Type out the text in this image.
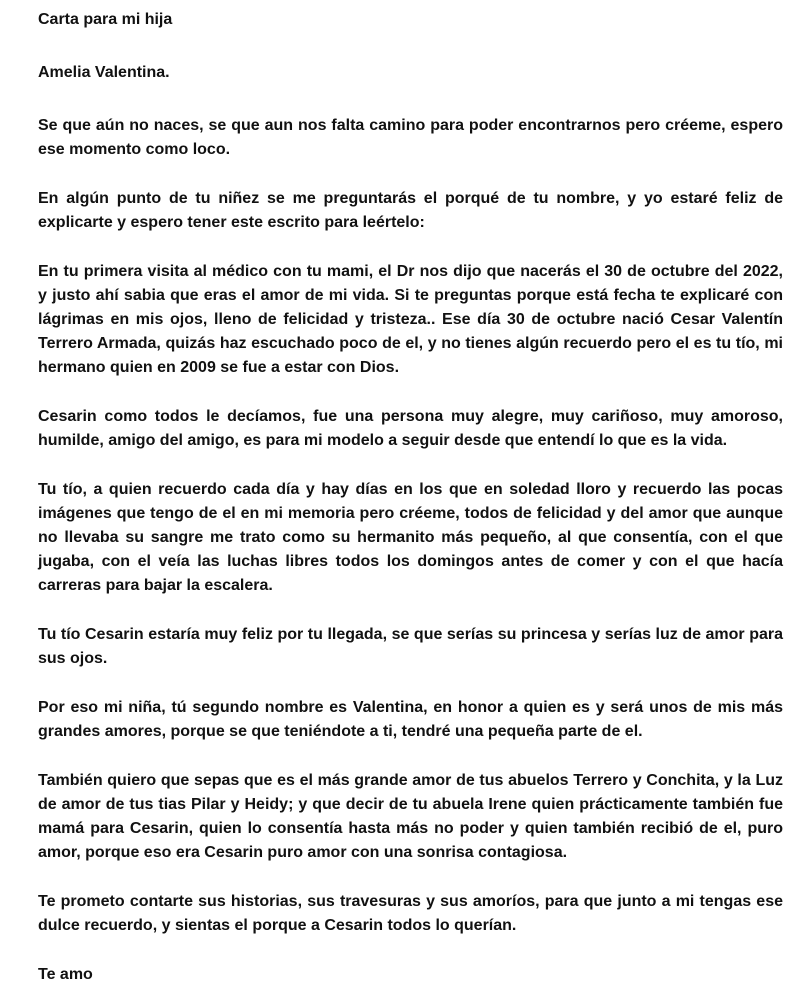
Carta para mi hija

Amelia Valentina.

Se que aún no naces, se que aun nos falta camino para poder encontrarnos pero créeme, espero ese momento como loco.

En algún punto de tu niñez se me preguntarás el porqué de tu nombre, y yo estaré feliz de explicarte y espero tener este escrito para leértelo:

En tu primera visita al médico con tu mami, el Dr nos dijo que nacerás el 30 de octubre del 2022, y justo ahí sabia que eras el amor de mi vida. Si te preguntas porque está fecha te explicaré con lágrimas en mis ojos, lleno de felicidad y tristeza.. Ese día 30 de octubre nació Cesar Valentín Terrero Armada, quizás haz escuchado poco de el, y no tienes algún recuerdo pero el es tu tío, mi hermano quien en 2009 se fue a estar con Dios.

Cesarin como todos le decíamos, fue una persona muy alegre, muy cariñoso, muy amoroso, humilde, amigo del amigo, es para mi modelo a seguir desde que entendí lo que es la vida.

Tu tío, a quien recuerdo cada día y hay días en los que en soledad lloro y recuerdo las pocas imágenes que tengo de el en mi memoria pero créeme, todos de felicidad y del amor que aunque no llevaba su sangre me trato como su hermanito más pequeño, al que consentía, con el que jugaba, con el veía las luchas libres todos los domingos antes de comer y con el que hacía carreras para bajar la escalera.

Tu tío Cesarin estaría muy feliz por tu llegada, se que serías su princesa y serías luz de amor para sus ojos.

Por eso mi niña, tú segundo nombre es Valentina, en honor a quien es y será unos de mis más grandes amores, porque se que teniéndote a ti, tendré una pequeña parte de el.

También quiero que sepas que es el más grande amor de tus abuelos Terrero y Conchita, y la Luz de amor de tus tias Pilar y Heidy; y que decir de tu abuela Irene quien prácticamente también fue mamá para Cesarin, quien lo consentía hasta más no poder y quien también recibió de el, puro amor, porque eso era Cesarin puro amor con una sonrisa contagiosa.

Te prometo contarte sus historias, sus travesuras y sus amoríos, para que junto a mi tengas ese dulce recuerdo, y sientas el porque a Cesarin todos lo querían.

Te amo
